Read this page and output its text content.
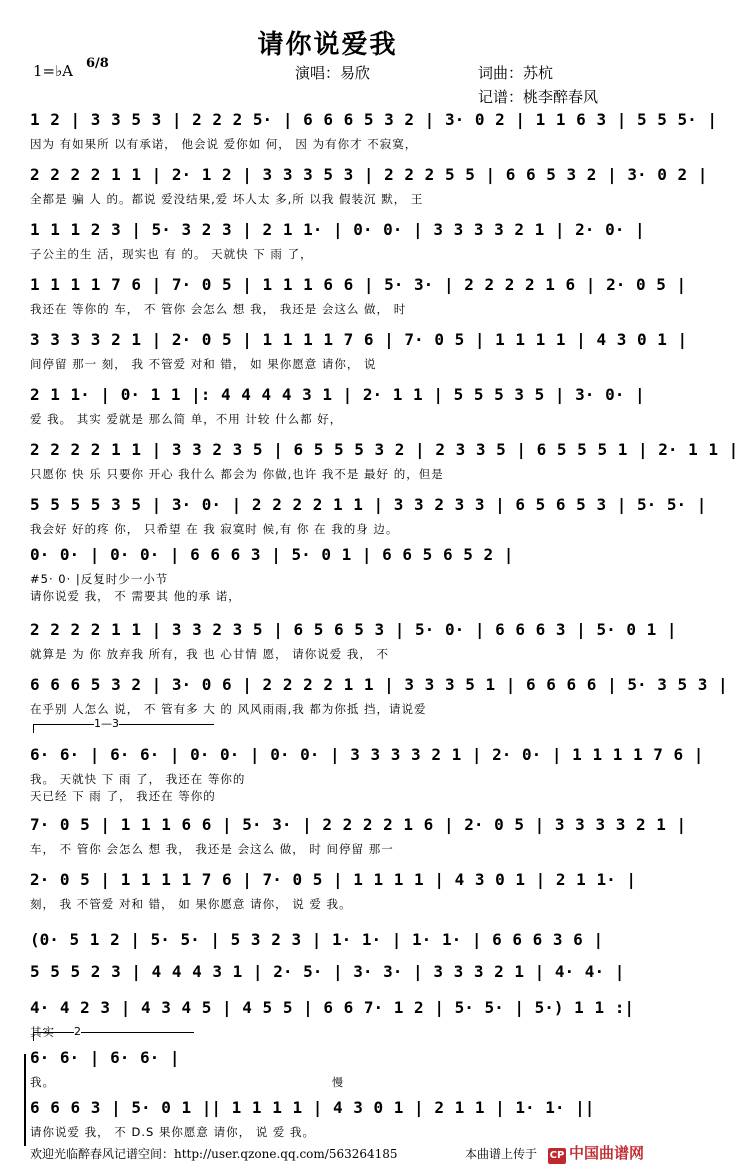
请你说爱我
1=♭A 6/8
演唱：易欣	词曲：苏杭
记谱：桃李醉春风
1 2 | 3 3 5 3 | 2 2 2 5· | 6 6 6 5 3 2 | 3· 0 2 | 1 1 6 3 | 5 5 5· |
因为 有如果所 以有承诺， 他会说 爱你如 何， 因 为有你才 不寂寞，
2 2 2 2 1 1 | 2· 1 2 | 3 3 3 5 3 | 2 2 2 5 5 | 6 6 5 3 2 | 3· 0 2 |
全都是 骗 人 的。都说 爱没结果,爱 坏人太 多,所 以我 假装沉 默， 王
1 1 1 2 3 | 5· 3 2 3 | 2 1 1· | 0· 0· | 3 3 3 3 2 1 | 2· 0· |
子公主的生 活，现实也 有 的。 天就快 下 雨 了，
1 1 1 1 7 6 | 7· 0 5 | 1 1 1 6 6 | 5· 3· | 2 2 2 2 1 6 | 2· 0 5 |
我还在 等你的 车， 不 管你 会怎么 想 我， 我还是 会这么 做， 时
3 3 3 3 2 1 | 2· 0 5 | 1 1 1 1 7 6 | 7· 0 5 | 1 1 1 1 | 4 3 0 1 |
间停留 那一 刻， 我 不管爱 对和 错， 如 果你愿意 请你， 说
2 1 1· | 0· 1 1 |: 4 4 4 4 3 1 | 2· 1 1 | 5 5 5 3 5 | 3· 0· |
爱 我。 其实 爱就是 那么简 单，不用 计较 什么都 好，
2 2 2 2 1 1 | 3 3 2 3 5 | 6 5 5 5 3 2 | 2 3 3 5 | 6 5 5 5 1 | 2· 1 1 |
只愿你 快 乐 只要你 开心 我什么 都会为 你做,也许 我不是 最好 的，但是
5 5 5 5 3 5 | 3· 0· | 2 2 2 2 1 1 | 3 3 2 3 3 | 6 5 6 5 3 | 5· 5· |
我会好 好的疼 你， 只希望 在 我 寂寞时 候,有 你 在 我的身 边。
0· 0· | 0· 0· | 6 6 6 3 | 5· 0 1 | 6 6 5 6 5 2 |
#5· 0· |反复时少一小节
请你说爱 我， 不 需要其 他的承 诺，
2 2 2 2 1 1 | 3 3 2 3 5 | 6 5 6 5 3 | 5· 0· | 6 6 6 3 | 5· 0 1 |
就算是 为 你 放弃我 所有，我 也 心甘情 愿， 请你说爱 我， 不
6 6 6 5 3 2 | 3· 0 6 | 2 2 2 2 1 1 | 3 3 3 5 1 | 6 6 6 6 | 5· 3 5 3 |
在乎别 人怎么 说， 不 管有多 大 的 风风雨雨,我 都为你抵 挡，请说爱
6· 6· | 6· 6· | 0· 0· | 0· 0· | 3 3 3 3 2 1 | 2· 0· | 1 1 1 1 7 6 |
我。 天就快 下 雨 了， 我还在 等你的
天已经 下 雨 了， 我还在 等你的
7· 0 5 | 1 1 1 6 6 | 5· 3· | 2 2 2 2 1 6 | 2· 0 5 | 3 3 3 3 2 1 |
车， 不 管你 会怎么 想 我， 我还是 会这么 做， 时 间停留 那一
2· 0 5 | 1 1 1 1 7 6 | 7· 0 5 | 1 1 1 1 | 4 3 0 1 | 2 1 1· |
刻， 我 不管爱 对和 错， 如 果你愿意 请你， 说 爱 我。
(0· 5 1 2 | 5· 5· | 5 3 2 3 | 1· 1· | 1· 1· | 6 6 6 3 6 |
5 5 5 2 3 | 4 4 4 3 1 | 2· 5· | 3· 3· | 3 3 3 2 1 | 4· 4· |
4· 4 2 3 | 4 3 4 5 | 4 5 5 | 6 6 7· 1 2 | 5· 5· | 5·) 1 1 :|
其实
6· 6· | 6· 6· |
我。
6 6 6 3 | 5· 0 1 || 1 1 1 1 | 4 3 0 1 | 2 1 1 | 1· 1· ||
请你说爱 我， 不 D.S 果你愿意 请你， 说 爱 我。
慢
1—3
2
欢迎光临醉春风记谱空间：http://user.qzone.qq.com/563264185	本曲谱上传于 CP 中国曲谱网
